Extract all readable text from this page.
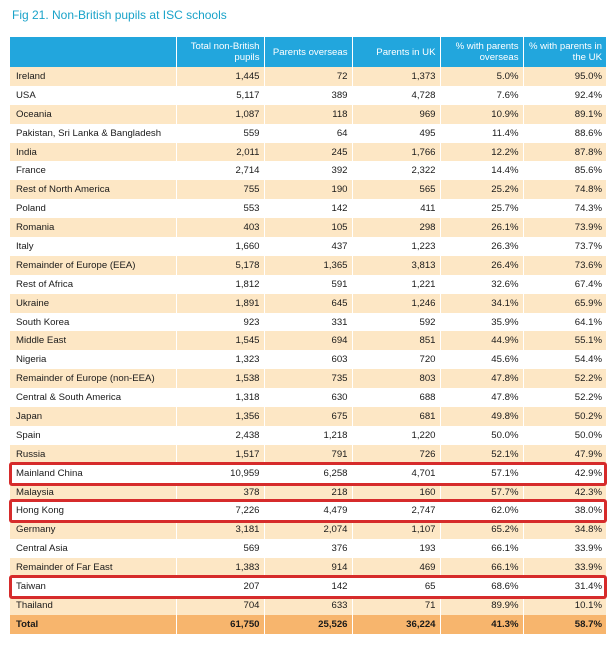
Fig 21. Non-British pupils at ISC schools
	Total non-British pupils	Parents overseas	Parents in UK	% with parents overseas	% with parents in the UK
Ireland	1,445	72	1,373	5.0%	95.0%
USA	5,117	389	4,728	7.6%	92.4%
Oceania	1,087	118	969	10.9%	89.1%
Pakistan, Sri Lanka & Bangladesh	559	64	495	11.4%	88.6%
India	2,011	245	1,766	12.2%	87.8%
France	2,714	392	2,322	14.4%	85.6%
Rest of North America	755	190	565	25.2%	74.8%
Poland	553	142	411	25.7%	74.3%
Romania	403	105	298	26.1%	73.9%
Italy	1,660	437	1,223	26.3%	73.7%
Remainder of Europe (EEA)	5,178	1,365	3,813	26.4%	73.6%
Rest of Africa	1,812	591	1,221	32.6%	67.4%
Ukraine	1,891	645	1,246	34.1%	65.9%
South Korea	923	331	592	35.9%	64.1%
Middle East	1,545	694	851	44.9%	55.1%
Nigeria	1,323	603	720	45.6%	54.4%
Remainder of Europe (non-EEA)	1,538	735	803	47.8%	52.2%
Central & South America	1,318	630	688	47.8%	52.2%
Japan	1,356	675	681	49.8%	50.2%
Spain	2,438	1,218	1,220	50.0%	50.0%
Russia	1,517	791	726	52.1%	47.9%
Mainland China	10,959	6,258	4,701	57.1%	42.9%
Malaysia	378	218	160	57.7%	42.3%
Hong Kong	7,226	4,479	2,747	62.0%	38.0%
Germany	3,181	2,074	1,107	65.2%	34.8%
Central Asia	569	376	193	66.1%	33.9%
Remainder of Far East	1,383	914	469	66.1%	33.9%
Taiwan	207	142	65	68.6%	31.4%
Thailand	704	633	71	89.9%	10.1%
Total	61,750	25,526	36,224	41.3%	58.7%
